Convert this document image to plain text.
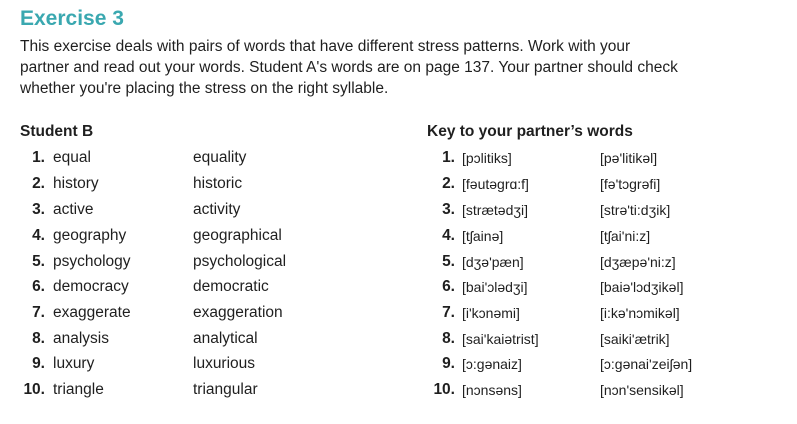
Exercise 3
This exercise deals with pairs of words that have different stress patterns. Work with your
partner and read out your words. Student A's words are on page 137. Your partner should check
whether you're placing the stress on the right syllable.
Student B	Key to your partner’s words
1. equal	equality
2. history	historic
3. active	activity
4. geography	geographical
5. psychology	psychological
6. democracy	democratic
7. exaggerate	exaggeration
8. analysis	analytical
9. luxury	luxurious
10. triangle	triangular
1. [pɔlitiks]	[pə'litikəl]
2. [fəutəgrɑ:f]	[fə'tɔgrəfi]
3. [strætədʒi]	[strə'ti:dʒik]
4. [tʃainə]	[tʃai'ni:z]
5. [dʒə'pæn]	[dʒæpə'ni:z]
6. [bai'ɔlədʒi]	[baiə'lɔdʒikəl]
7. [i'kɔnəmi]	[i:kə'nɔmikəl]
8. [sai'kaiətrist]	[saiki'ætrik]
9. [ɔ:gənaiz]	[ɔ:gənai'zeiʃən]
10. [nɔnsəns]	[nɔn'sensikəl]
